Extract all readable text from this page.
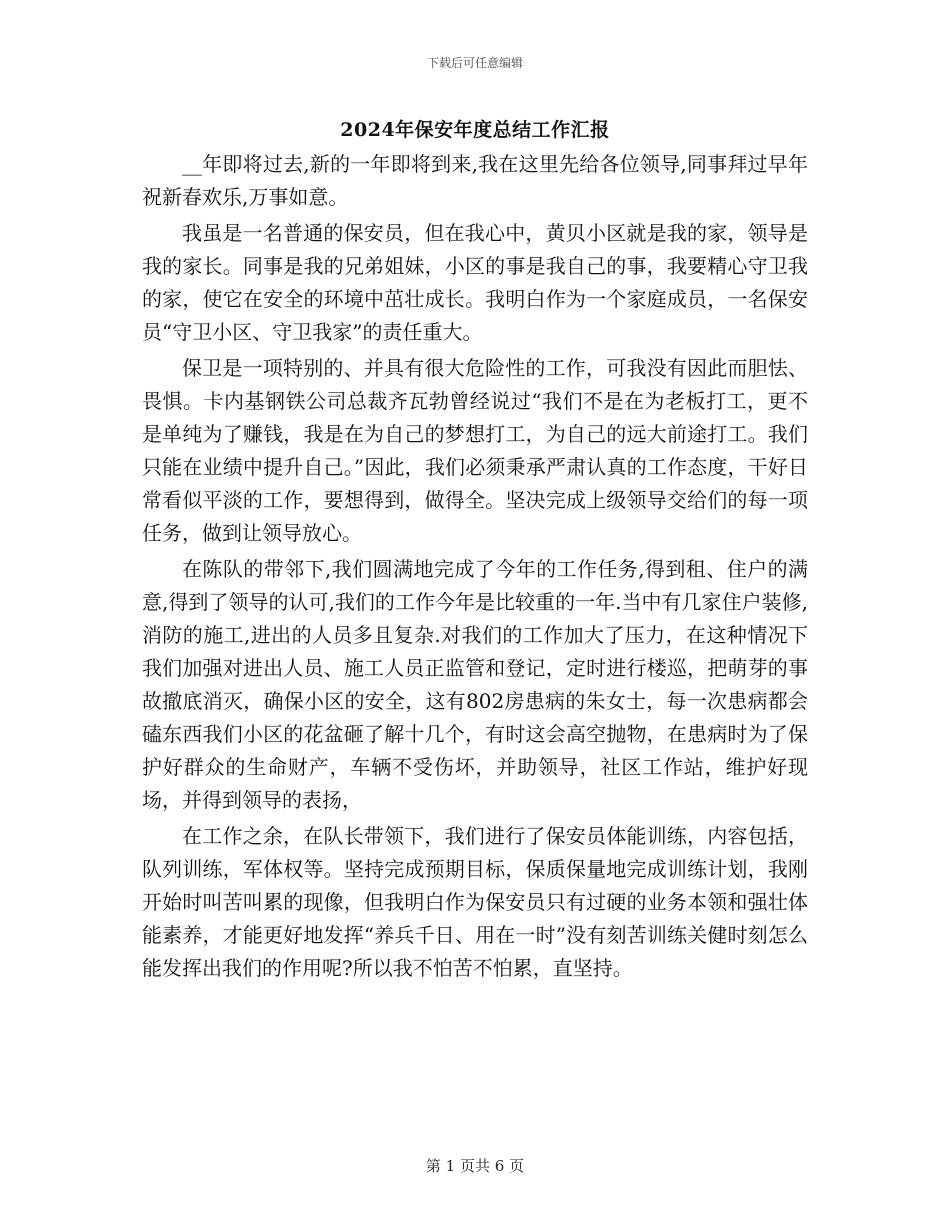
下载后可任意编辑
2024年保安年度总结工作汇报

__年即将过去,新的一年即将到来,我在这里先给各位领导,同事拜过早年祝新春欢乐,万事如意。

我虽是一名普通的保安员，但在我心中，黄贝小区就是我的家，领导是我的家长。同事是我的兄弟姐妹，小区的事是我自己的事，我要精心守卫我的家，使它在安全的环境中茁壮成长。我明白作为一个家庭成员，一名保安员“守卫小区、守卫我家”的责任重大。

保卫是一项特别的、并具有很大危险性的工作，可我没有因此而胆怯、畏惧。卡内基钢铁公司总裁齐瓦勃曾经说过“我们不是在为老板打工，更不是单纯为了赚钱，我是在为自己的梦想打工，为自己的远大前途打工。我们只能在业绩中提升自己。”因此，我们必须秉承严肃认真的工作态度，干好日常看似平淡的工作，要想得到，做得全。坚决完成上级领导交给们的每一项任务，做到让领导放心。

在陈队的带邻下,我们圆满地完成了今年的工作任务,得到租、住户的满意,得到了领导的认可,我们的工作今年是比较重的一年.当中有几家住户装修,消防的施工,进出的人员多且复杂.对我们的工作加大了压力，在这种情况下我们加强对进出人员、施工人员正监管和登记，定时进行楼巡，把萌芽的事故撤底消灭，确保小区的安全，这有802房患病的朱女士，每一次患病都会磕东西我们小区的花盆砸了解十几个，有时这会高空抛物，在患病时为了保护好群众的生命财产，车辆不受伤坏，并助领导，社区工作站，维护好现场，并得到领导的表扬，

在工作之余，在队长带领下，我们进行了保安员体能训练，内容包括，队列训练，军体权等。坚持完成预期目标，保质保量地完成训练计划，我刚开始时叫苦叫累的现像，但我明白作为保安员只有过硬的业务本领和强壮体能素养，才能更好地发挥“养兵千日、用在一时”没有刻苦训练关健时刻怎么能发挥出我们的作用呢?所以我不怕苦不怕累，直坚持。

第 1 页共 6 页
